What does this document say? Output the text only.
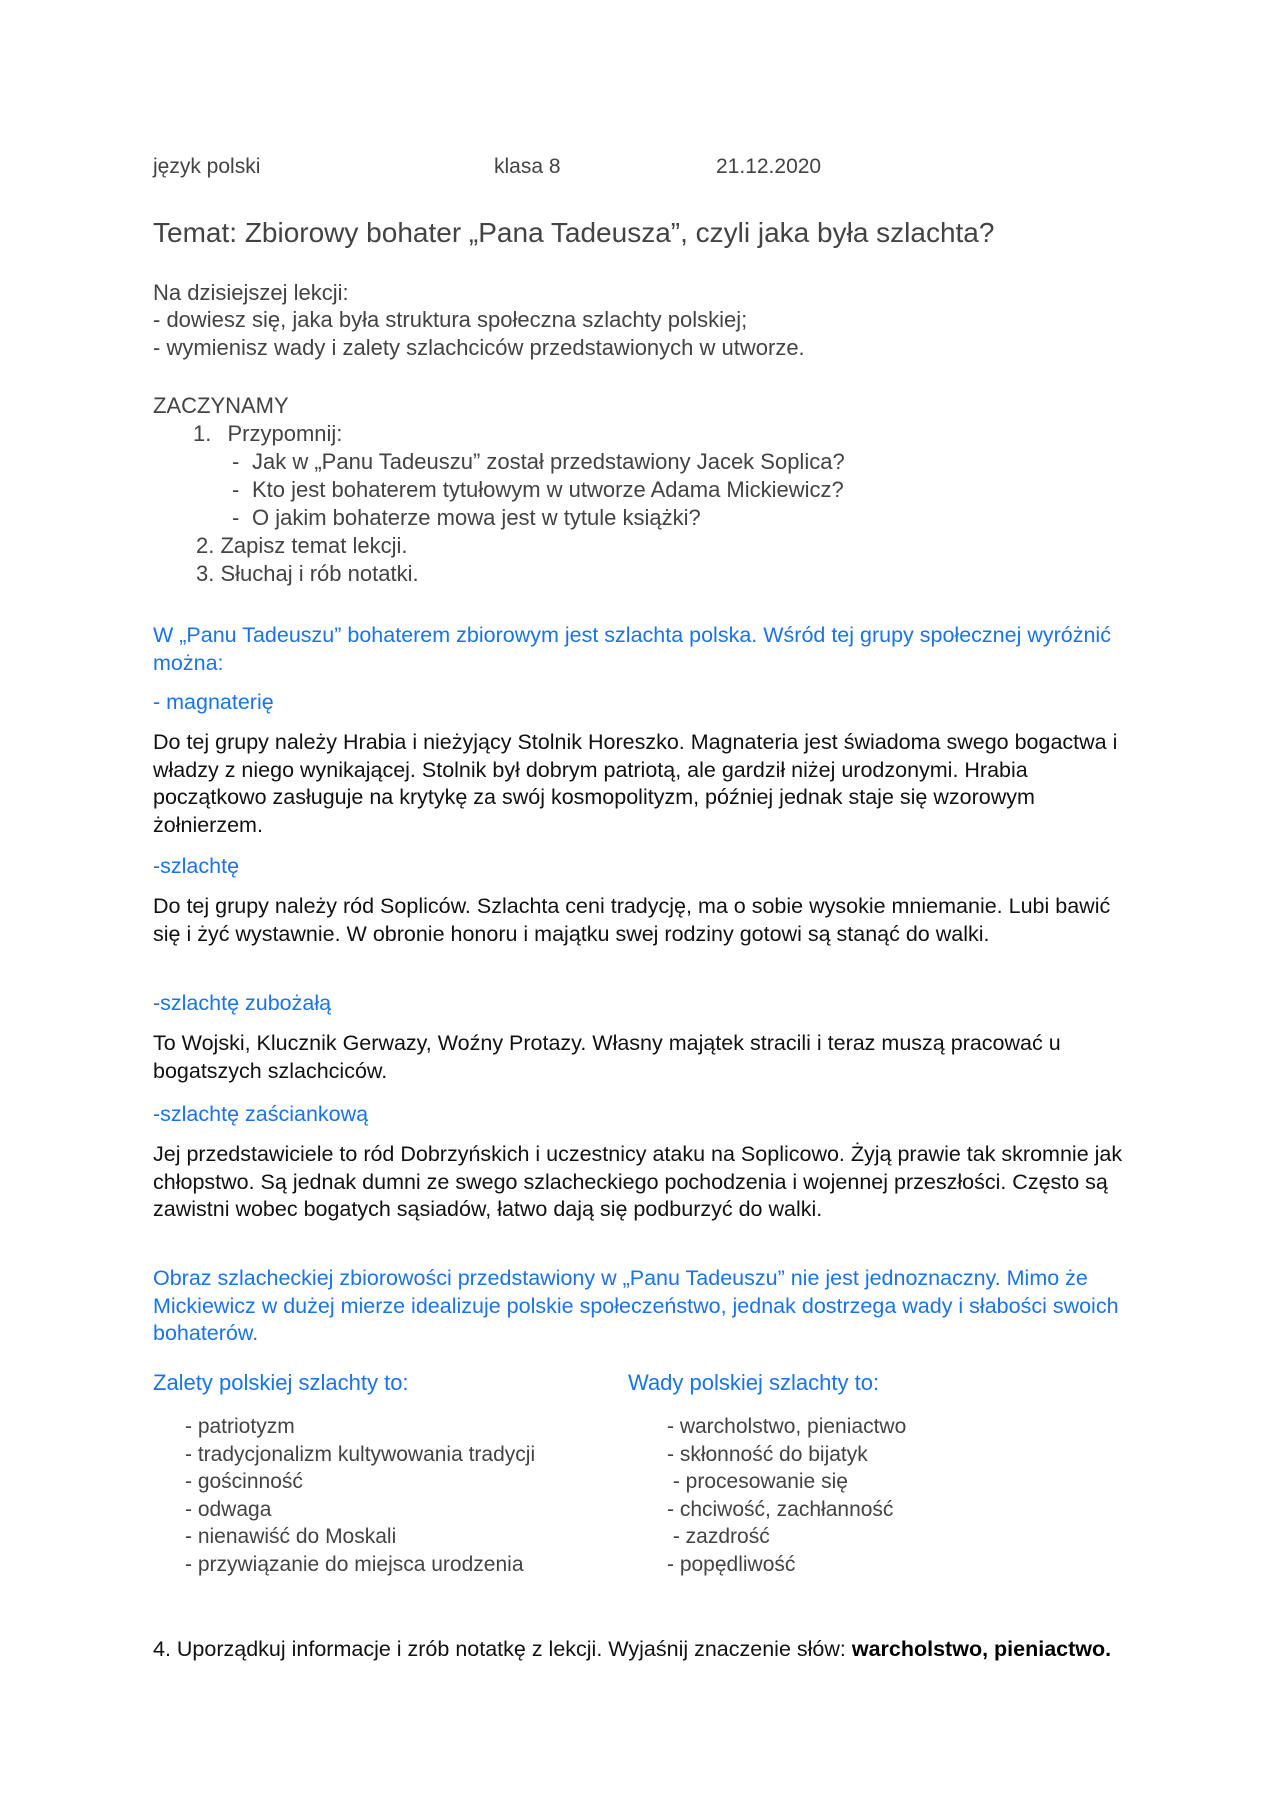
język polski	klasa 8	21.12.2020
Temat: Zbiorowy bohater „Pana Tadeusza”, czyli jaka była szlachta?
Na dzisiejszej lekcji:
- dowiesz się, jaka była struktura społeczna szlachty polskiej;
- wymienisz wady i zalety szlachciców przedstawionych w utworze.
ZACZYNAMY
1. Przypomnij:
- Jak w „Panu Tadeuszu” został przedstawiony Jacek Soplica?
- Kto jest bohaterem tytułowym w utworze Adama Mickiewicz?
- O jakim bohaterze mowa jest w tytule książki?
2. Zapisz temat lekcji.
3. Słuchaj i rób notatki.
W „Panu Tadeuszu” bohaterem zbiorowym jest szlachta polska. Wśród tej grupy społecznej wyróżnić można:
- magnaterię
Do tej grupy należy Hrabia i nieżyjący Stolnik Horeszko. Magnateria jest świadoma swego bogactwa i władzy z niego wynikającej. Stolnik był dobrym patriotą, ale gardził niżej urodzonymi. Hrabia początkowo zasługuje na krytykę za swój kosmopolityzm, później jednak staje się wzorowym żołnierzem.
-szlachtę
Do tej grupy należy ród Sopliców. Szlachta ceni tradycję, ma o sobie wysokie mniemanie. Lubi bawić się i żyć wystawnie. W obronie honoru i majątku swej rodziny gotowi są stanąć do walki.
-szlachtę zubożałą
To Wojski, Klucznik Gerwazy, Woźny Protazy. Własny majątek stracili i teraz muszą pracować u bogatszych szlachciców.
-szlachtę zaściankową
Jej przedstawiciele to ród Dobrzyńskich i uczestnicy ataku na Soplicowo. Żyją prawie tak skromnie jak chłopstwo. Są jednak dumni ze swego szlacheckiego pochodzenia i wojennej przeszłości. Często są zawistni wobec bogatych sąsiadów, łatwo dają się podburzyć do walki.
Obraz szlacheckiej zbiorowości przedstawiony w „Panu Tadeuszu” nie jest jednoznaczny. Mimo że Mickiewicz w dużej mierze idealizuje polskie społeczeństwo, jednak dostrzega wady i słabości swoich bohaterów.
Zalety polskiej szlachty to:	Wady polskiej szlachty to:
- patriotyzm
- tradycjonalizm kultywowania tradycji
- gościnność
- odwaga
- nienawiść do Moskali
- przywiązanie do miejsca urodzenia
- warcholstwo, pieniactwo
- skłonność do bijatyk
- procesowanie się
- chciwość, zachłanność
- zazdrość
- popędliwość
4. Uporządkuj informacje i zrób notatkę z lekcji. Wyjaśnij znaczenie słów: warcholstwo, pieniactwo.
